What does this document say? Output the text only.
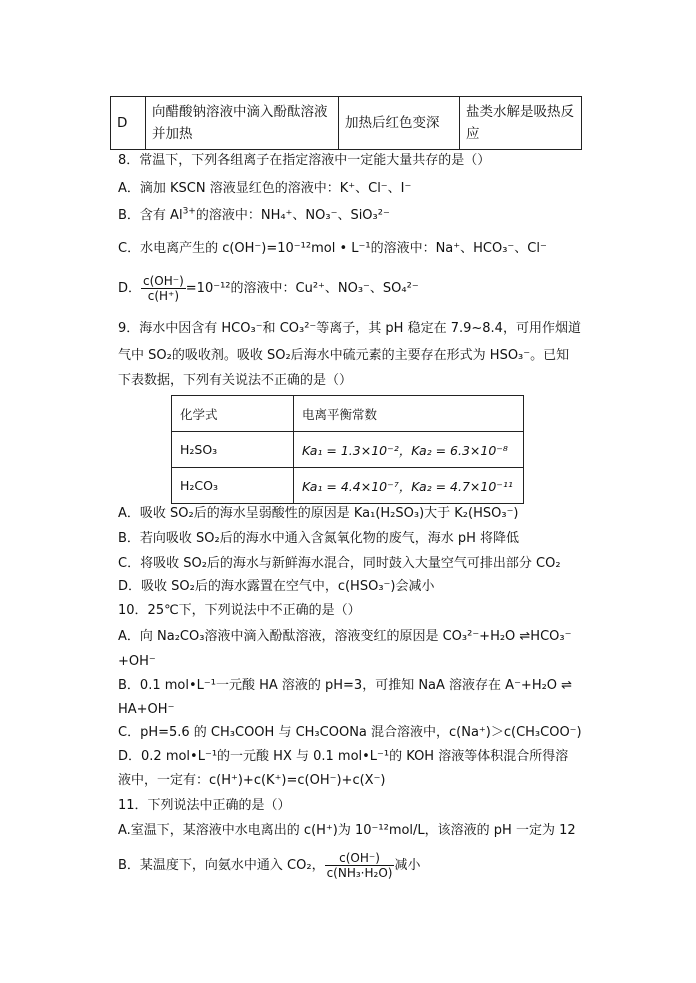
D	向醋酸钠溶液中滴入酚酞溶液并加热	加热后红色变深	盐类水解是吸热反应
8．常温下，下列各组离子在指定溶液中一定能大量共存的是（）
A．滴加 KSCN 溶液显红色的溶液中：K⁺、Cl⁻、I⁻
B．含有 $Al^{3+}$的溶液中：NH₄⁺、NO₃⁻、SiO₃²⁻
C．水电离产生的 c(OH⁻)=10⁻¹²mol • L⁻¹的溶液中：Na⁺、HCO₃⁻、Cl⁻
D． $\frac{c(OH^-)}{c(H^+)} =10^{-12}$的溶液中：Cu²⁺、NO₃⁻、SO₄²⁻
9．海水中因含有 HCO₃⁻和 CO₃²⁻等离子，其 pH 稳定在 7.9~8.4，可用作烟道
气中 SO₂的吸收剂。吸收 SO₂后海水中硫元素的主要存在形式为 HSO₃⁻。已知
下表数据，下列有关说法不正确的是（）
化学式	电离平衡常数
H₂SO₃	Ka₁ = 1.3×10⁻²，Ka₂ = 6.3×10⁻⁸
H₂CO₃	Ka₁ = 4.4×10⁻⁷，Ka₂ = 4.7×10⁻¹¹
A．吸收 SO₂后的海水呈弱酸性的原因是 Ka₁(H₂SO₃)大于 K₂(HSO₃⁻)
B．若向吸收 SO₂后的海水中通入含氮氧化物的废气，海水 pH 将降低
C．将吸收 SO₂后的海水与新鲜海水混合，同时鼓入大量空气可排出部分 CO₂
D．吸收 SO₂后的海水露置在空气中，c(HSO₃⁻)会减小
10．25℃下，下列说法中不正确的是（）
A．向 Na₂CO₃溶液中滴入酚酞溶液，溶液变红的原因是 CO₃²⁻+H₂O ⇌HCO₃⁻
+OH⁻
B．0.1 mol•L⁻¹一元酸 HA 溶液的 pH=3，可推知 NaA 溶液存在 A⁻+H₂O ⇌
HA+OH⁻
C．pH=5.6 的 CH₃COOH 与 CH₃COONa 混合溶液中，c(Na⁺)＞c(CH₃COO⁻)
D．0.2 mol•L⁻¹的一元酸 HX 与 0.1 mol•L⁻¹的 KOH 溶液等体积混合所得溶
液中，一定有：c(H⁺)+c(K⁺)=c(OH⁻)+c(X⁻)
11．下列说法中正确的是（）
A.室温下，某溶液中水电离出的 c(H⁺)为 10⁻¹²mol/L，该溶液的 pH 一定为 12
B．某温度下，向氨水中通入 CO₂， $\frac{c(OH^-)}{\text{c(NH₃·H₂O)}}$ 减小
